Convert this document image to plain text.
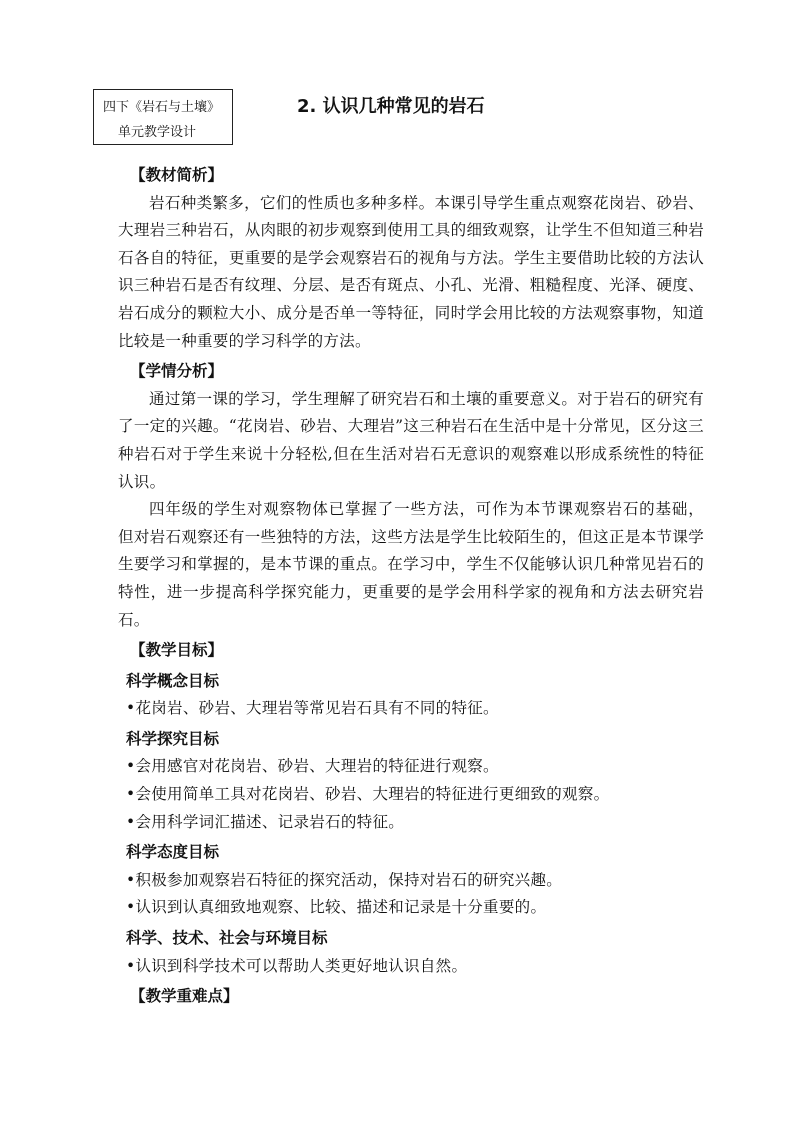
四下《岩石与土壤》
单元教学设计
2. 认识几种常见的岩石

【教材简析】

岩石种类繁多，它们的性质也多种多样。本课引导学生重点观察花岗岩、砂岩、大理岩三种岩石，从肉眼的初步观察到使用工具的细致观察，让学生不但知道三种岩石各自的特征，更重要的是学会观察岩石的视角与方法。学生主要借助比较的方法认识三种岩石是否有纹理、分层、是否有斑点、小孔、光滑、粗糙程度、光泽、硬度、岩石成分的颗粒大小、成分是否单一等特征，同时学会用比较的方法观察事物，知道比较是一种重要的学习科学的方法。

【学情分析】

通过第一课的学习，学生理解了研究岩石和土壤的重要意义。对于岩石的研究有了一定的兴趣。“花岗岩、砂岩、大理岩”这三种岩石在生活中是十分常见，区分这三种岩石对于学生来说十分轻松,但在生活对岩石无意识的观察难以形成系统性的特征认识。

四年级的学生对观察物体已掌握了一些方法，可作为本节课观察岩石的基础， 但对岩石观察还有一些独特的方法，这些方法是学生比较陌生的，但这正是本节课学生要学习和掌握的，是本节课的重点。在学习中，学生不仅能够认识几种常见岩石的特性，进一步提高科学探究能力，更重要的是学会用科学家的视角和方法去研究岩石。

【教学目标】

科学概念目标

•花岗岩、砂岩、大理岩等常见岩石具有不同的特征。

科学探究目标

•会用感官对花岗岩、砂岩、大理岩的特征进行观察。

•会使用简单工具对花岗岩、砂岩、大理岩的特征进行更细致的观察。

•会用科学词汇描述、记录岩石的特征。

科学态度目标

•积极参加观察岩石特征的探究活动，保持对岩石的研究兴趣。

•认识到认真细致地观察、比较、描述和记录是十分重要的。

科学、技术、社会与环境目标

•认识到科学技术可以帮助人类更好地认识自然。

【教学重难点】
